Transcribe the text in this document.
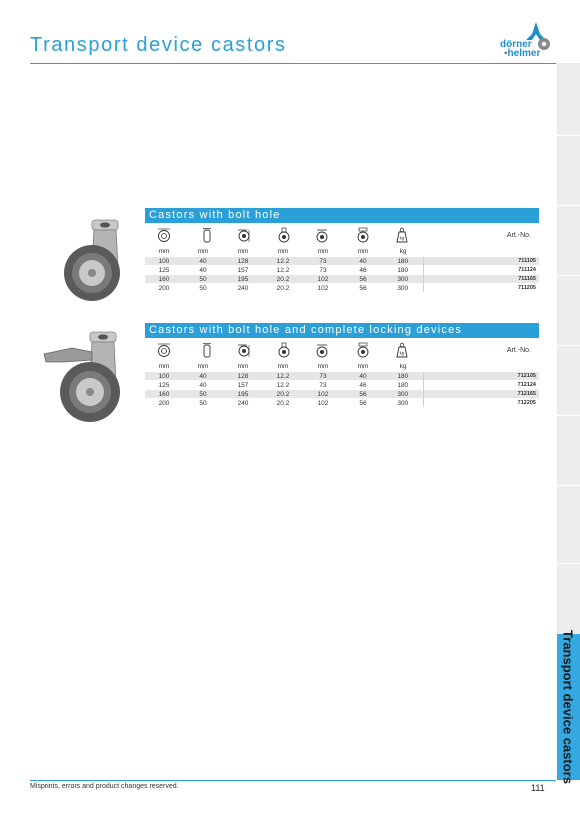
Transport device castors	dörner
▪helmer
Transport device castors
Castors with bolt hole
kg	Art.-No.
mm	mm	mm	mm	mm	mm	kg		
100	40	128	12.2	73	40	180		711105
125	40	157	12.2	73	46	180		711124
160	50	195	20.2	102	56	300		711165
200	50	240	20.2	102	56	300		711205
Castors with bolt hole and complete locking devices
kg	Art.-No.
mm	mm	mm	mm	mm	mm	kg		
100	40	128	12.2	73	40	180		712105
125	40	157	12.2	73	46	180		712124
160	50	195	20.2	102	56	300		712165
200	50	240	20.2	102	56	300		712205
Misprints, errors and product changes reserved.	111
